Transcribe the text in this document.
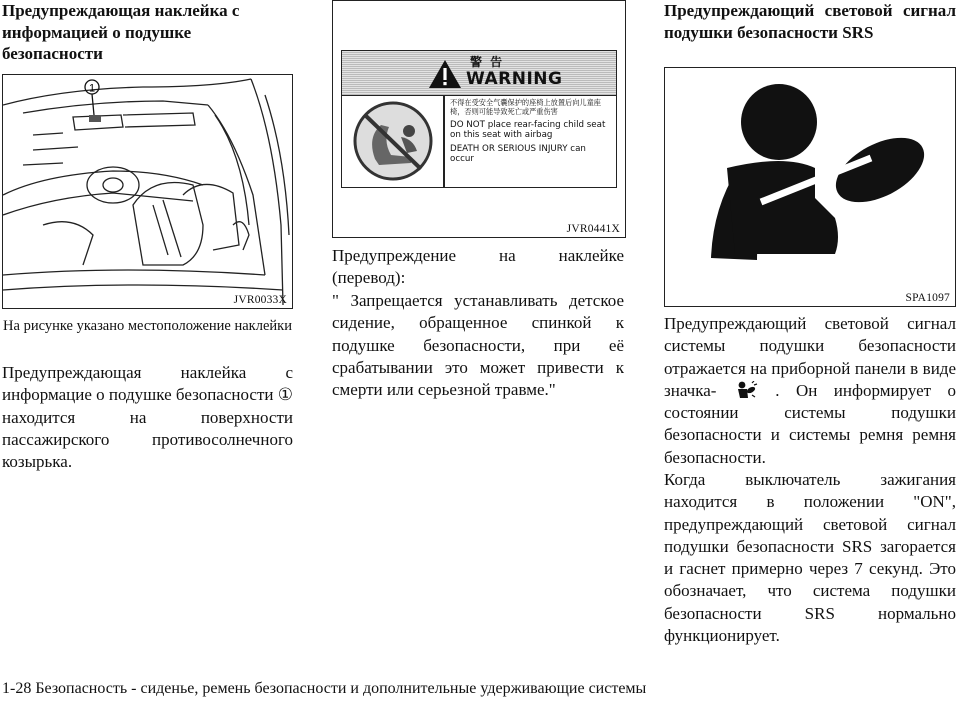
Предупреждающая наклейка с информацией о подушке безопасности
1
JVR0033X

На рисунке указано местоположение наклейки

Предупреждающая наклейка с информацие о подушке безопасности ① находится на поверхности пассажирского противосолнечного козырька.

警 告
WARNING

不得在受安全气囊保护的座椅上放置后向儿童座椅，否则可能导致死亡或严重伤害

DO NOT place rear-facing child seat on this seat with airbag

DEATH OR SERIOUS INJURY can occur

JVR0441X

Предупреждение на наклейке (перевод):

" Запрещается устанавливать детское сидение, обращенное спинкой к подушке безопасности, при её срабатывании это может привести к смерти или серьезной травме."

Предупреждающий световой сигнал подушки безопасности SRS
SPA1097

Предупреждающий световой сигнал системы подушки безопасности отражается на приборной панели в виде значка-	. Он информирует о состоянии системы подушки безопасности и системы ремня ремня безопасности.

Когда выключатель зажигания находится в положении "ON", предупреждающий световой сигнал подушки безопасности SRS загорается и гаснет примерно через 7 секунд. Это обозначает, что система подушки безопасности SRS нормально функционирует.

1-28 Безопасность - сиденье, ремень безопасности и дополнительные удерживающие системы
